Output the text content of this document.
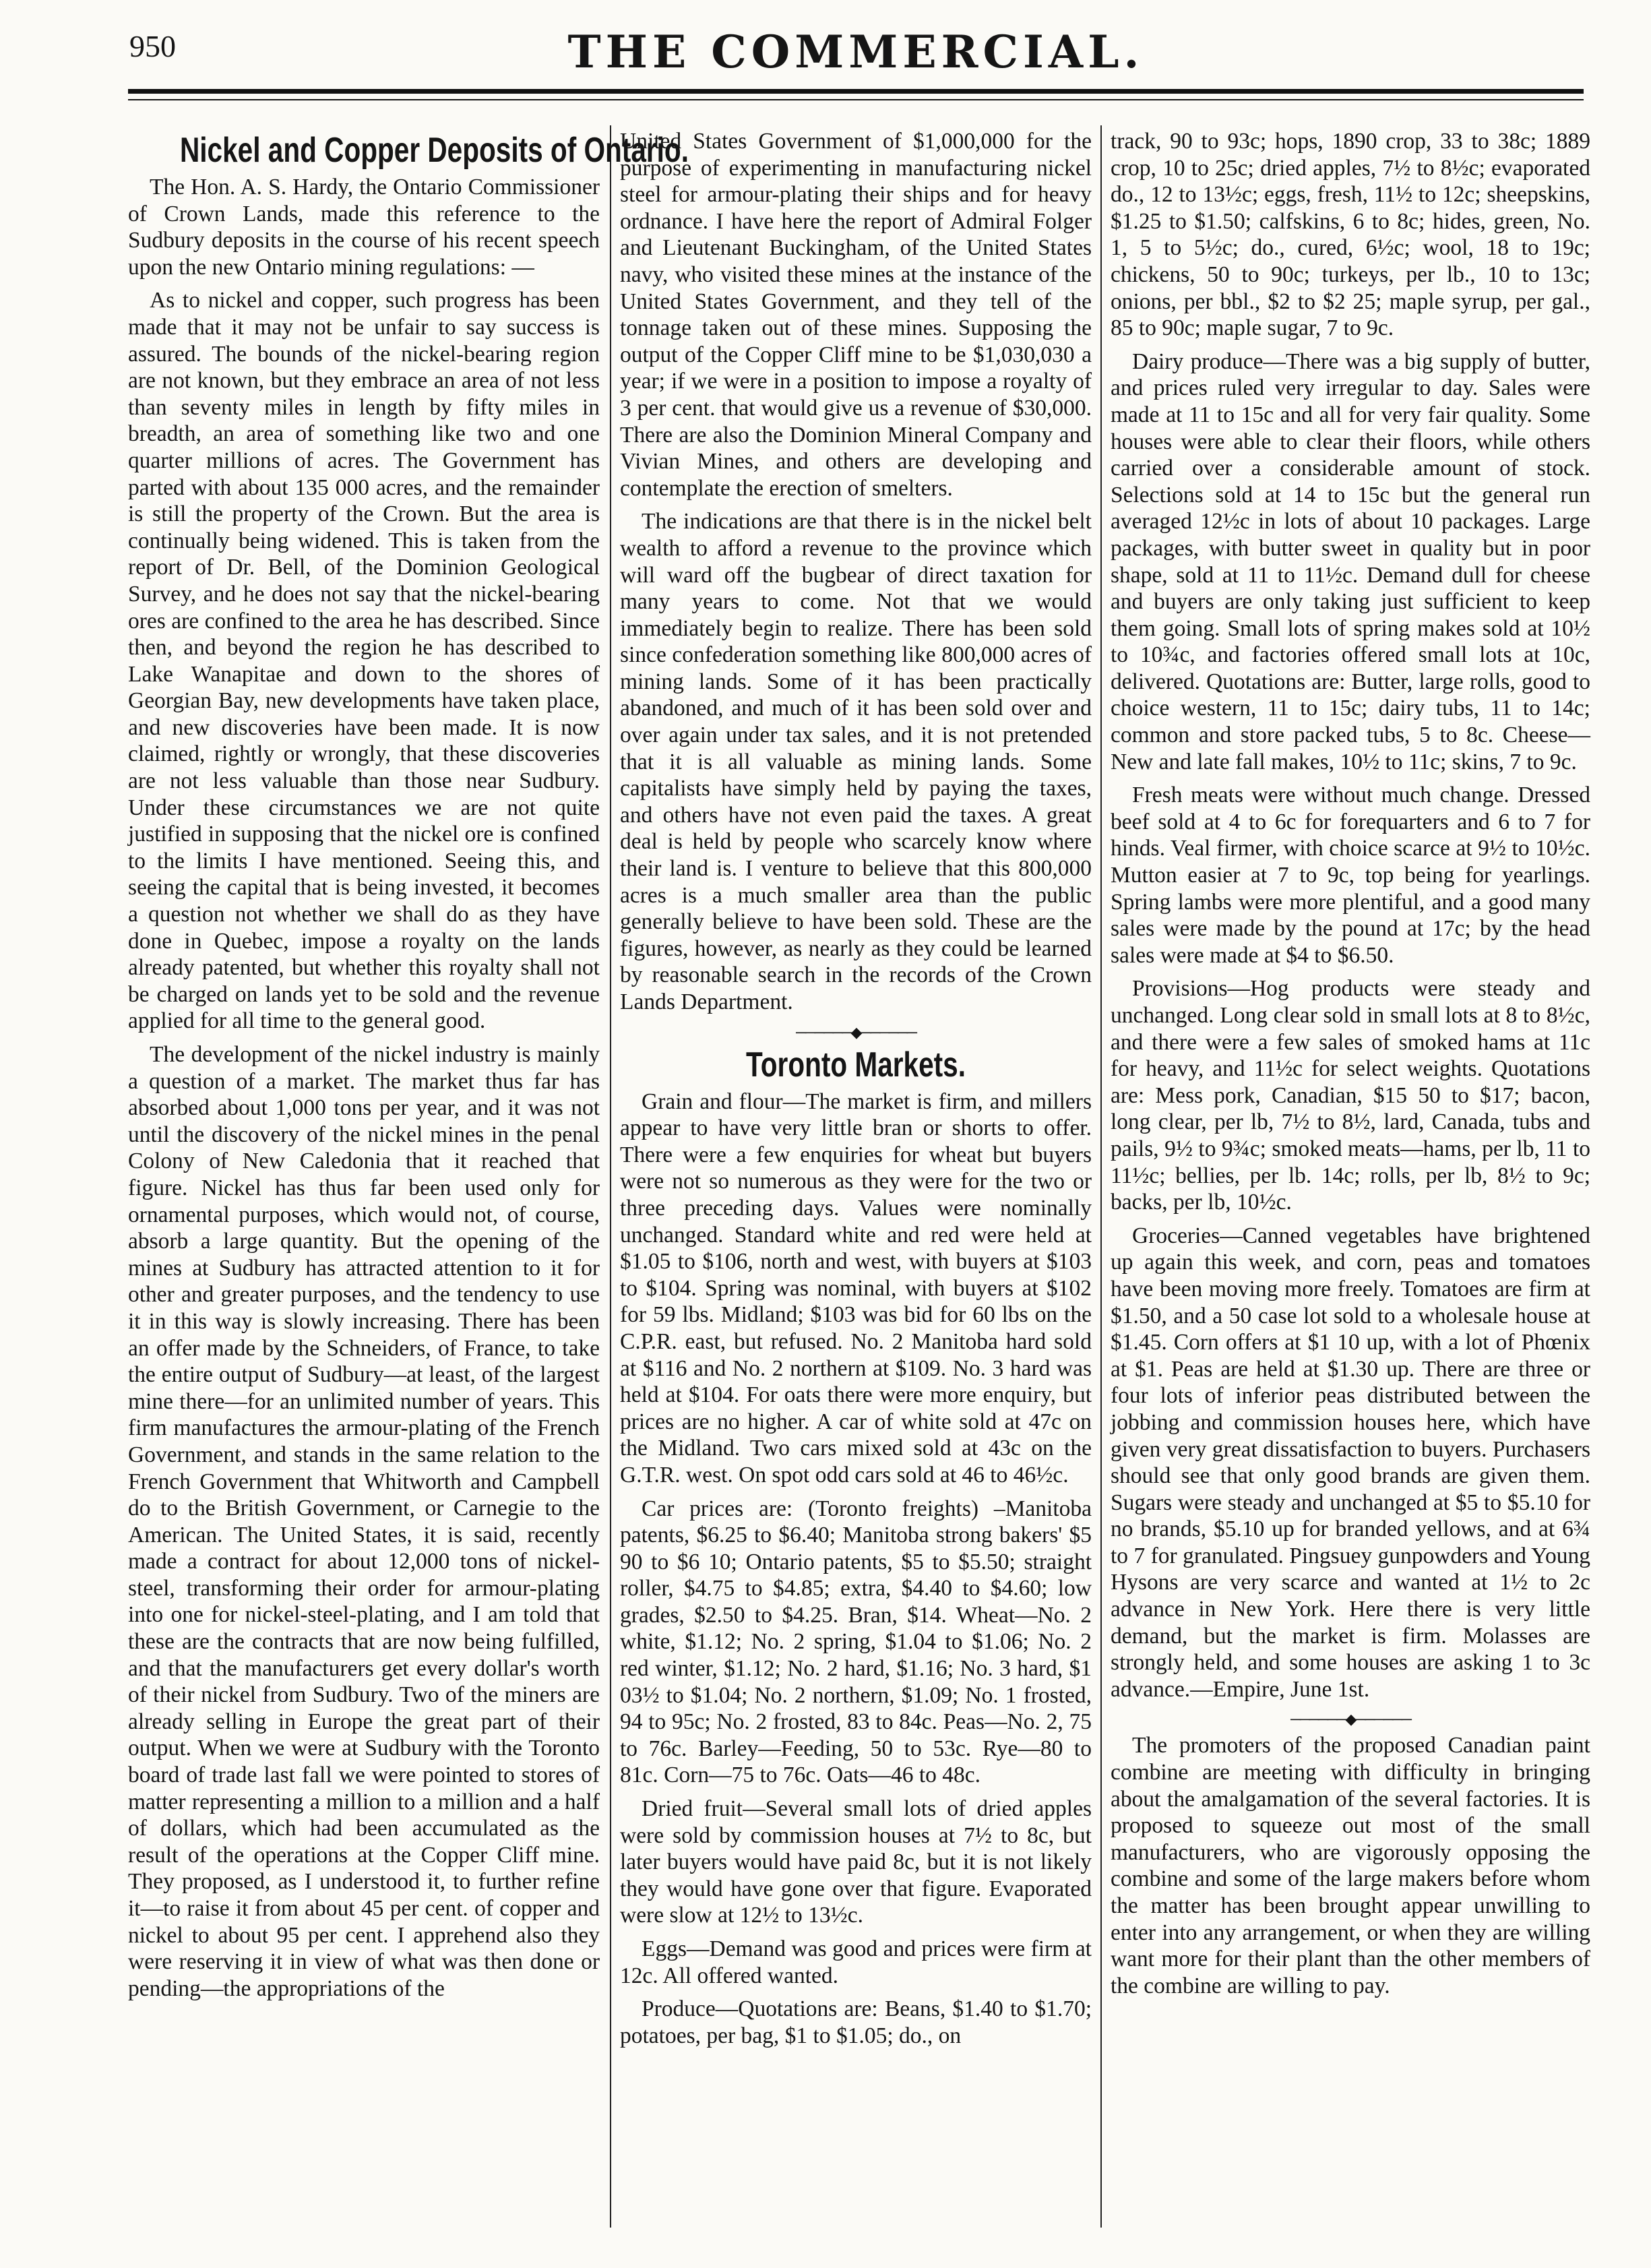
950	THE COMMERCIAL.
Nickel and Copper Deposits of Ontario.

The Hon. A. S. Hardy, the Ontario Commissioner of Crown Lands, made this reference to the Sudbury deposits in the course of his recent speech upon the new Ontario mining regulations: —

As to nickel and copper, such progress has been made that it may not be unfair to say success is assured. The bounds of the nickel-bearing region are not known, but they embrace an area of not less than seventy miles in length by fifty miles in breadth, an area of something like two and one quarter millions of acres. The Government has parted with about 135 000 acres, and the remainder is still the property of the Crown. But the area is continually being widened. This is taken from the report of Dr. Bell, of the Dominion Geological Survey, and he does not say that the nickel-bearing ores are confined to the area he has described. Since then, and beyond the region he has described to Lake Wanapitae and down to the shores of Georgian Bay, new developments have taken place, and new discoveries have been made. It is now claimed, rightly or wrongly, that these discoveries are not less valuable than those near Sudbury. Under these circumstances we are not quite justified in supposing that the nickel ore is confined to the limits I have mentioned. Seeing this, and seeing the capital that is being invested, it becomes a question not whether we shall do as they have done in Quebec, impose a royalty on the lands already patented, but whether this royalty shall not be charged on lands yet to be sold and the revenue applied for all time to the general good.

The development of the nickel industry is mainly a question of a market. The market thus far has absorbed about 1,000 tons per year, and it was not until the discovery of the nickel mines in the penal Colony of New Caledonia that it reached that figure. Nickel has thus far been used only for ornamental purposes, which would not, of course, absorb a large quantity. But the opening of the mines at Sudbury has attracted attention to it for other and greater purposes, and the tendency to use it in this way is slowly increasing. There has been an offer made by the Schneiders, of France, to take the entire output of Sudbury—at least, of the largest mine there—for an unlimited number of years. This firm manufactures the armour-plating of the French Government, and stands in the same relation to the French Government that Whitworth and Campbell do to the British Government, or Carnegie to the American. The United States, it is said, recently made a contract for about 12,000 tons of nickel-steel, transforming their order for armour-plating into one for nickel-steel-plating, and I am told that these are the contracts that are now being fulfilled, and that the manufacturers get every dollar's worth of their nickel from Sudbury. Two of the miners are already selling in Europe the great part of their output. When we were at Sudbury with the Toronto board of trade last fall we were pointed to stores of matter representing a million to a million and a half of dollars, which had been accumulated as the result of the operations at the Copper Cliff mine. They proposed, as I understood it, to further refine it—to raise it from about 45 per cent. of copper and nickel to about 95 per cent. I apprehend also they were reserving it in view of what was then done or pending—the appropriations of the

United States Government of $1,000,000 for the purpose of experimenting in manufacturing nickel steel for armour-plating their ships and for heavy ordnance. I have here the report of Admiral Folger and Lieutenant Buckingham, of the United States navy, who visited these mines at the instance of the United States Government, and they tell of the tonnage taken out of these mines. Supposing the output of the Copper Cliff mine to be $1,030,030 a year; if we were in a position to impose a royalty of 3 per cent. that would give us a revenue of $30,000. There are also the Dominion Mineral Company and Vivian Mines, and others are developing and contemplate the erection of smelters.

The indications are that there is in the nickel belt wealth to afford a revenue to the province which will ward off the bugbear of direct taxation for many years to come. Not that we would immediately begin to realize. There has been sold since confederation something like 800,000 acres of mining lands. Some of it has been practically abandoned, and much of it has been sold over and over again under tax sales, and it is not pretended that it is all valuable as mining lands. Some capitalists have simply held by paying the taxes, and others have not even paid the taxes. A great deal is held by people who scarcely know where their land is. I venture to believe that this 800,000 acres is a much smaller area than the public generally believe to have been sold. These are the figures, however, as nearly as they could be learned by reasonable search in the records of the Crown Lands Department.

──────◆──────
Toronto Markets.

Grain and flour—The market is firm, and millers appear to have very little bran or shorts to offer. There were a few enquiries for wheat but buyers were not so numerous as they were for the two or three preceding days. Values were nominally unchanged. Standard white and red were held at $1.05 to $106, north and west, with buyers at $103 to $104. Spring was nominal, with buyers at $102 for 59 lbs. Midland; $103 was bid for 60 lbs on the C.P.R. east, but refused. No. 2 Manitoba hard sold at $116 and No. 2 northern at $109. No. 3 hard was held at $104. For oats there were more enquiry, but prices are no higher. A car of white sold at 47c on the Midland. Two cars mixed sold at 43c on the G.T.R. west. On spot odd cars sold at 46 to 46½c.

Car prices are: (Toronto freights) –Manitoba patents, $6.25 to $6.40; Manitoba strong bakers' $5 90 to $6 10; Ontario patents, $5 to $5.50; straight roller, $4.75 to $4.85; extra, $4.40 to $4.60; low grades, $2.50 to $4.25. Bran, $14. Wheat—No. 2 white, $1.12; No. 2 spring, $1.04 to $1.06; No. 2 red winter, $1.12; No. 2 hard, $1.16; No. 3 hard, $1 03½ to $1.04; No. 2 northern, $1.09; No. 1 frosted, 94 to 95c; No. 2 frosted, 83 to 84c. Peas—No. 2, 75 to 76c. Barley—Feeding, 50 to 53c. Rye—80 to 81c. Corn—75 to 76c. Oats—46 to 48c.

Dried fruit—Several small lots of dried apples were sold by commission houses at 7½ to 8c, but later buyers would have paid 8c, but it is not likely they would have gone over that figure. Evaporated were slow at 12½ to 13½c.

Eggs—Demand was good and prices were firm at 12c. All offered wanted.

Produce—Quotations are: Beans, $1.40 to $1.70; potatoes, per bag, $1 to $1.05; do., on

track, 90 to 93c; hops, 1890 crop, 33 to 38c; 1889 crop, 10 to 25c; dried apples, 7½ to 8½c; evaporated do., 12 to 13½c; eggs, fresh, 11½ to 12c; sheepskins, $1.25 to $1.50; calfskins, 6 to 8c; hides, green, No. 1, 5 to 5½c; do., cured, 6½c; wool, 18 to 19c; chickens, 50 to 90c; turkeys, per lb., 10 to 13c; onions, per bbl., $2 to $2 25; maple syrup, per gal., 85 to 90c; maple sugar, 7 to 9c.

Dairy produce—There was a big supply of butter, and prices ruled very irregular to day. Sales were made at 11 to 15c and all for very fair quality. Some houses were able to clear their floors, while others carried over a considerable amount of stock. Selections sold at 14 to 15c but the general run averaged 12½c in lots of about 10 packages. Large packages, with butter sweet in quality but in poor shape, sold at 11 to 11½c. Demand dull for cheese and buyers are only taking just sufficient to keep them going. Small lots of spring makes sold at 10½ to 10¾c, and factories offered small lots at 10c, delivered. Quotations are: Butter, large rolls, good to choice western, 11 to 15c; dairy tubs, 11 to 14c; common and store packed tubs, 5 to 8c. Cheese—New and late fall makes, 10½ to 11c; skins, 7 to 9c.

Fresh meats were without much change. Dressed beef sold at 4 to 6c for forequarters and 6 to 7 for hinds. Veal firmer, with choice scarce at 9½ to 10½c. Mutton easier at 7 to 9c, top being for yearlings. Spring lambs were more plentiful, and a good many sales were made by the pound at 17c; by the head sales were made at $4 to $6.50.

Provisions—Hog products were steady and unchanged. Long clear sold in small lots at 8 to 8½c, and there were a few sales of smoked hams at 11c for heavy, and 11½c for select weights. Quotations are: Mess pork, Canadian, $15 50 to $17; bacon, long clear, per lb, 7½ to 8½, lard, Canada, tubs and pails, 9½ to 9¾c; smoked meats—hams, per lb, 11 to 11½c; bellies, per lb. 14c; rolls, per lb, 8½ to 9c; backs, per lb, 10½c.

Groceries—Canned vegetables have brightened up again this week, and corn, peas and tomatoes have been moving more freely. Tomatoes are firm at $1.50, and a 50 case lot sold to a wholesale house at $1.45. Corn offers at $1 10 up, with a lot of Phœnix at $1. Peas are held at $1.30 up. There are three or four lots of inferior peas distributed between the jobbing and commission houses here, which have given very great dissatisfaction to buyers. Purchasers should see that only good brands are given them. Sugars were steady and unchanged at $5 to $5.10 for no brands, $5.10 up for branded yellows, and at 6¾ to 7 for granulated. Pingsuey gunpowders and Young Hysons are very scarce and wanted at 1½ to 2c advance in New York. Here there is very little demand, but the market is firm. Molasses are strongly held, and some houses are asking 1 to 3c advance.—Empire, June 1st.

──────◆──────

The promoters of the proposed Canadian paint combine are meeting with difficulty in bringing about the amalgamation of the several factories. It is proposed to squeeze out most of the small manufacturers, who are vigorously opposing the combine and some of the large makers before whom the matter has been brought appear unwilling to enter into any arrangement, or when they are willing want more for their plant than the other members of the combine are willing to pay.
